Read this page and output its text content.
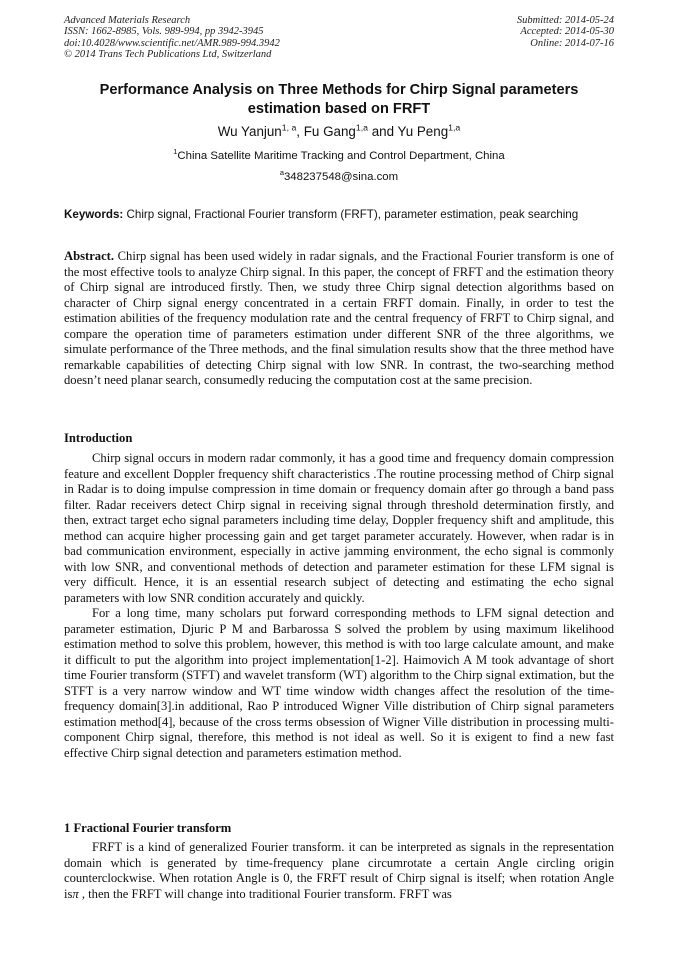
Advanced Materials Research
ISSN: 1662-8985, Vols. 989-994, pp 3942-3945
doi:10.4028/www.scientific.net/AMR.989-994.3942
© 2014 Trans Tech Publications Ltd, Switzerland
Submitted: 2014-05-24
Accepted: 2014-05-30
Online: 2014-07-16
Performance Analysis on Three Methods for Chirp Signal parameters
estimation based on FRFT
Wu Yanjun$^{1, a}$, Fu Gang$^{1,a}$ and Yu Peng$^{1,a}$
$^1$China Satellite Maritime Tracking and Control Department, China
$^a$348237548@sina.com
Keywords: Chirp signal, Fractional Fourier transform (FRFT), parameter estimation, peak searching
Abstract. Chirp signal has been used widely in radar signals, and the Fractional Fourier transform is one of the most effective tools to analyze Chirp signal. In this paper, the concept of FRFT and the estimation theory of Chirp signal are introduced firstly. Then, we study three Chirp signal detection algorithms based on character of Chirp signal energy concentrated in a certain FRFT domain. Finally, in order to test the estimation abilities of the frequency modulation rate and the central frequency of FRFT to Chirp signal, and compare the operation time of parameters estimation under different SNR of the three algorithms, we simulate performance of the Three methods, and the final simulation results show that the three method have remarkable capabilities of detecting Chirp signal with low SNR. In contrast, the two-searching method doesn’t need planar search, consumedly reducing the computation cost at the same precision.
Introduction

Chirp signal occurs in modern radar commonly, it has a good time and frequency domain compression feature and excellent Doppler frequency shift characteristics .The routine processing method of Chirp signal in Radar is to doing impulse compression in time domain or frequency domain after go through a band pass filter. Radar receivers detect Chirp signal in receiving signal through threshold determination firstly, and then, extract target echo signal parameters including time delay, Doppler frequency shift and amplitude, this method can acquire higher processing gain and get target parameter accurately. However, when radar is in bad communication environment, especially in active jamming environment, the echo signal is commonly with low SNR, and conventional methods of detection and parameter estimation for these LFM signal is very difficult. Hence, it is an essential research subject of detecting and estimating the echo signal parameters with low SNR condition accurately and quickly.

For a long time, many scholars put forward corresponding methods to LFM signal detection and parameter estimation, Djuric P M and Barbarossa S solved the problem by using maximum likelihood estimation method to solve this problem, however, this method is with too large calculate amount, and make it difficult to put the algorithm into project implementation[1-2]. Haimovich A M took advantage of short time Fourier transform (STFT) and wavelet transform (WT) algorithm to the Chirp signal extimation, but the STFT is a very narrow window and WT time window width changes affect the resolution of the time-frequency domain[3].in additional, Rao P introduced Wigner Ville distribution of Chirp signal parameters estimation method[4], because of the cross terms obsession of Wigner Ville distribution in processing multi-component Chirp signal, therefore, this method is not ideal as well. So it is exigent to find a new fast effective Chirp signal detection and parameters estimation method.

1 Fractional Fourier transform

FRFT is a kind of generalized Fourier transform. it can be interpreted as signals in the representation domain which is generated by time-frequency plane circumrotate a certain Angle circling origin counterclockwise. When rotation Angle is 0, the FRFT result of Chirp signal is itself; when rotation Angle isπ , then the FRFT will change into traditional Fourier transform. FRFT was
